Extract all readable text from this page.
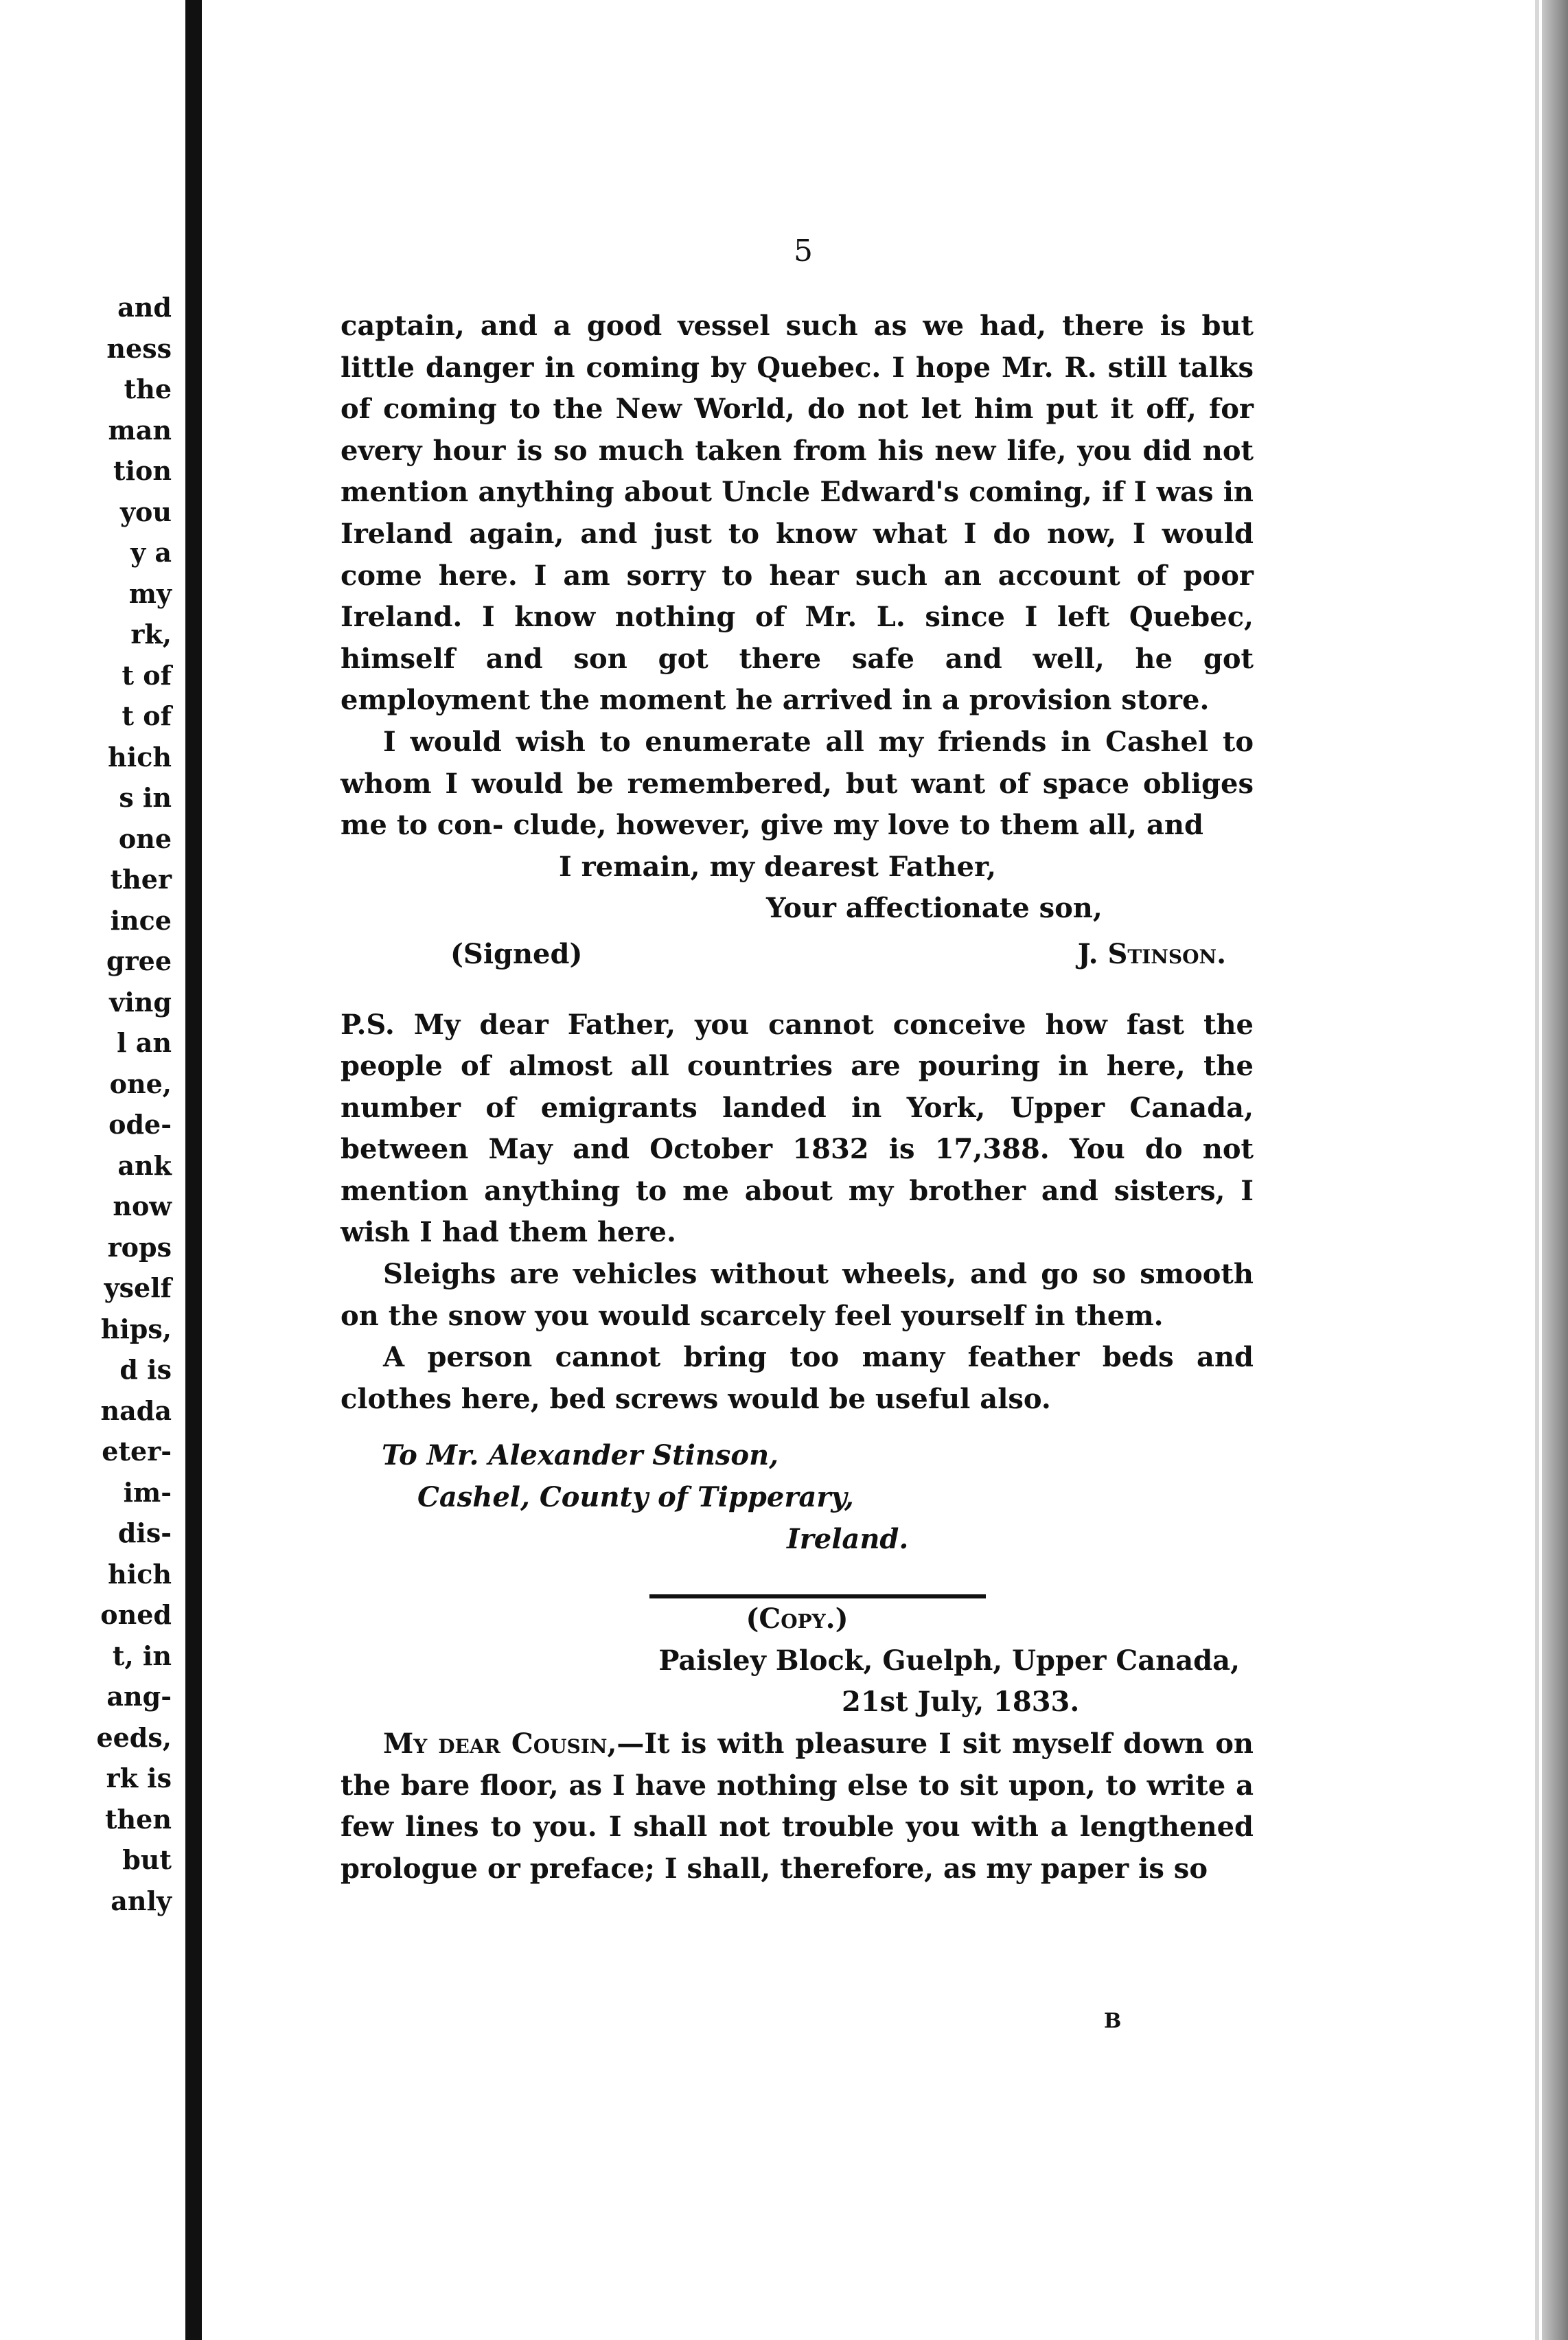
and
ness
the
man
tion
you
y a
my
rk,
t of
t of
hich
s in
one
ther
ince
gree
ving
l an
one,
ode-
ank
now
rops
yself
hips,
d is
nada
eter-
im-
dis-
hich
oned
t, in
ang-
eeds,
rk is
then
but
anly
5

captain, and a good vessel such as we had, there is but little danger in coming by Quebec. I hope Mr. R. still talks of coming to the New World, do not let him put it off, for every hour is so much taken from his new life, you did not mention anything about Uncle Edward's coming, if I was in Ireland again, and just to know what I do now, I would come here. I am sorry to hear such an account of poor Ireland. I know nothing of Mr. L. since I left Quebec, himself and son got there safe and well, he got employment the moment he arrived in a provision store.

I would wish to enumerate all my friends in Cashel to whom I would be remembered, but want of space obliges me to con- clude, however, give my love to them all, and

I remain, my dearest Father,

Your affectionate son,

(Signed)	J. Stinson.

P.S. My dear Father, you cannot conceive how fast the people of almost all countries are pouring in here, the number of emigrants landed in York, Upper Canada, between May and October 1832 is 17,388. You do not mention anything to me about my brother and sisters, I wish I had them here.

Sleighs are vehicles without wheels, and go so smooth on the snow you would scarcely feel yourself in them.

A person cannot bring too many feather beds and clothes here, bed screws would be useful also.

To Mr. Alexander Stinson,

Cashel, County of Tipperary,

Ireland.

(Copy.)

Paisley Block, Guelph, Upper Canada,

21st July, 1833.

My dear Cousin,—It is with pleasure I sit myself down on the bare floor, as I have nothing else to sit upon, to write a few lines to you. I shall not trouble you with a lengthened prologue or preface; I shall, therefore, as my paper is so

B
